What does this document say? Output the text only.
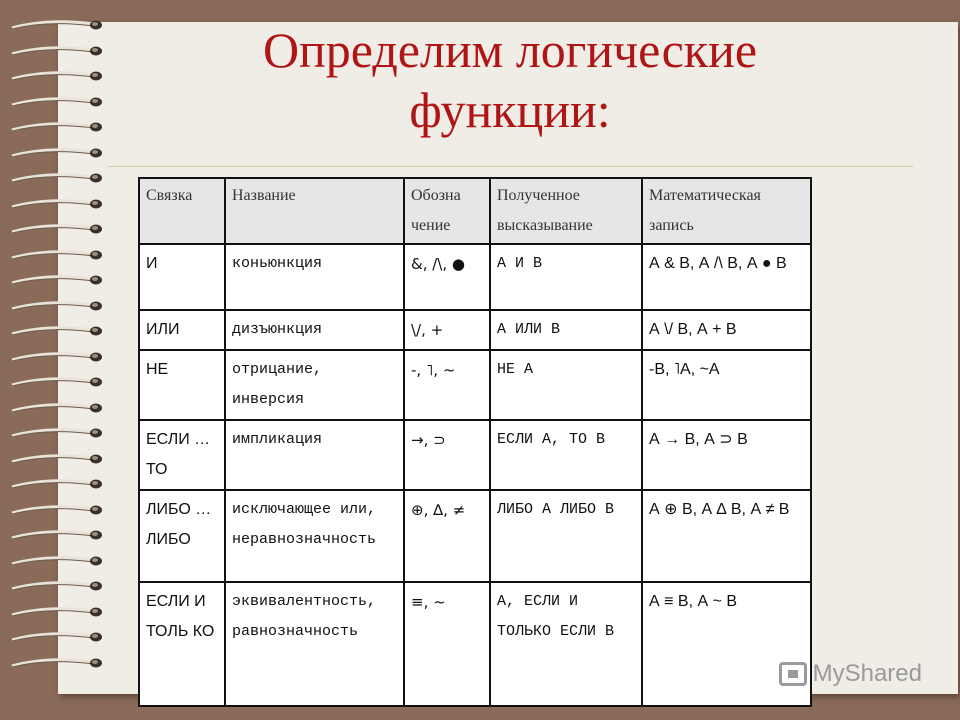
Определим логические
функции:
Связка	Название	Обозна чение	Полученное высказывание	Математическая запись
И	коньюнкция	&, /\, ●	А И В	А & В, А /\ В, А ● В
ИЛИ	дизъюнкция	\/, +	А ИЛИ В	А \/ В, А + В
НЕ	отрицание, инверсия	-, ˥, ~	НЕ А	-В, ˥А, ~А
ЕСЛИ … ТО	импликация	→, ⊃	ЕСЛИ А, ТО В	А → В, А ⊃ В
ЛИБО … ЛИБО	исключающее или, неравнозначность	⊕, ∆, ≠	ЛИБО А ЛИБО В	А ⊕ В, А ∆ В, А ≠ В
ЕСЛИ И ТОЛЬ КО	эквивалентность, равнозначность	≡, ~	А, ЕСЛИ И ТОЛЬКО ЕСЛИ В	А ≡ В, А ~ В
MyShared
